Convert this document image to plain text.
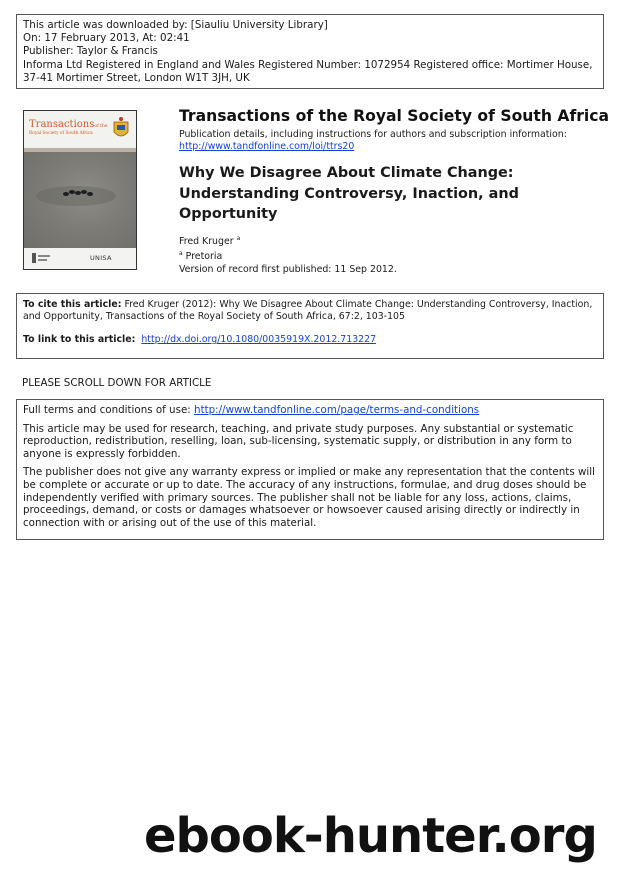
This article was downloaded by: [Siauliu University Library]
On: 17 February 2013, At: 02:41
Publisher: Taylor & Francis
Informa Ltd Registered in England and Wales Registered Number: 1072954 Registered office: Mortimer House, 37-41 Mortimer Street, London W1T 3JH, UK
Transactionsof the
Royal Society of South Africa
UNISA
Transactions of the Royal Society of South Africa
Publication details, including instructions for authors and subscription information:
http://www.tandfonline.com/loi/ttrs20
Why We Disagree About Climate Change: Understanding Controversy, Inaction, and Opportunity
Fred Kruger $^a$
$^a$ Pretoria
Version of record first published: 11 Sep 2012.
To cite this article: Fred Kruger (2012): Why We Disagree About Climate Change: Understanding Controversy, Inaction, and Opportunity, Transactions of the Royal Society of South Africa, 67:2, 103-105
To link to this article: http://dx.doi.org/10.1080/0035919X.2012.713227
PLEASE SCROLL DOWN FOR ARTICLE

Full terms and conditions of use: http://www.tandfonline.com/page/terms-and-conditions

This article may be used for research, teaching, and private study purposes. Any substantial or systematic reproduction, redistribution, reselling, loan, sub-licensing, systematic supply, or distribution in any form to anyone is expressly forbidden.

The publisher does not give any warranty express or implied or make any representation that the contents will be complete or accurate or up to date. The accuracy of any instructions, formulae, and drug doses should be independently verified with primary sources. The publisher shall not be liable for any loss, actions, claims, proceedings, demand, or costs or damages whatsoever or howsoever caused arising directly or indirectly in connection with or arising out of the use of this material.

ebook-hunter.org
